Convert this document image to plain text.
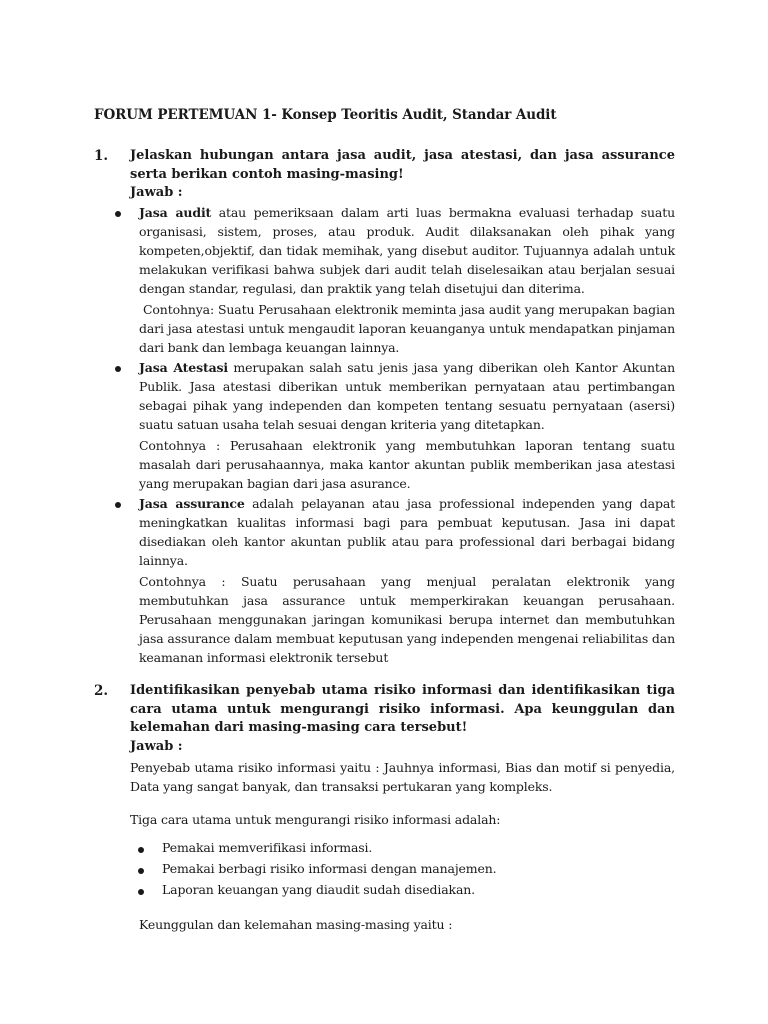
FORUM PERTEMUAN 1- Konsep Teoritis Audit, Standar Audit
1. Jelaskan hubungan antara jasa audit, jasa atestasi, dan jasa assurance serta berikan contoh masing-masing!
Jawab :
Jasa audit atau pemeriksaan dalam arti luas bermakna evaluasi terhadap suatu organisasi, sistem, proses, atau produk. Audit dilaksanakan oleh pihak yang kompeten,objektif, dan tidak memihak, yang disebut auditor. Tujuannya adalah untuk melakukan verifikasi bahwa subjek dari audit telah diselesaikan atau berjalan sesuai dengan standar, regulasi, dan praktik yang telah disetujui dan diterima.
Contohnya: Suatu Perusahaan elektronik meminta jasa audit yang merupakan bagian dari jasa atestasi untuk mengaudit laporan keuanganya untuk mendapatkan pinjaman dari bank dan lembaga keuangan lainnya.
Jasa Atestasi merupakan salah satu jenis jasa yang diberikan oleh Kantor Akuntan Publik. Jasa atestasi diberikan untuk memberikan pernyataan atau pertimbangan sebagai pihak yang independen dan kompeten tentang sesuatu pernyataan (asersi) suatu satuan usaha telah sesuai dengan kriteria yang ditetapkan.
Contohnya : Perusahaan elektronik yang membutuhkan laporan tentang suatu masalah dari perusahaannya, maka kantor akuntan publik memberikan jasa atestasi yang merupakan bagian dari jasa asurance.
Jasa assurance adalah pelayanan atau jasa professional independen yang dapat meningkatkan kualitas informasi bagi para pembuat keputusan. Jasa ini dapat disediakan oleh kantor akuntan publik atau para professional dari berbagai bidang lainnya.
Contohnya : Suatu perusahaan yang menjual peralatan elektronik yang membutuhkan jasa assurance untuk memperkirakan keuangan perusahaan. Perusahaan menggunakan jaringan komunikasi berupa internet dan membutuhkan jasa assurance dalam membuat keputusan yang independen mengenai reliabilitas dan keamanan informasi elektronik tersebut
2. Identifikasikan penyebab utama risiko informasi dan identifikasikan tiga cara utama untuk mengurangi risiko informasi. Apa keunggulan dan kelemahan dari masing-masing cara tersebut!
Jawab :
Penyebab utama risiko informasi yaitu : Jauhnya informasi, Bias dan motif si penyedia, Data yang sangat banyak, dan transaksi pertukaran yang kompleks.
Tiga cara utama untuk mengurangi risiko informasi adalah:
Pemakai memverifikasi informasi.
Pemakai berbagi risiko informasi dengan manajemen.
Laporan keuangan yang diaudit sudah disediakan.
Keunggulan dan kelemahan masing-masing yaitu :
